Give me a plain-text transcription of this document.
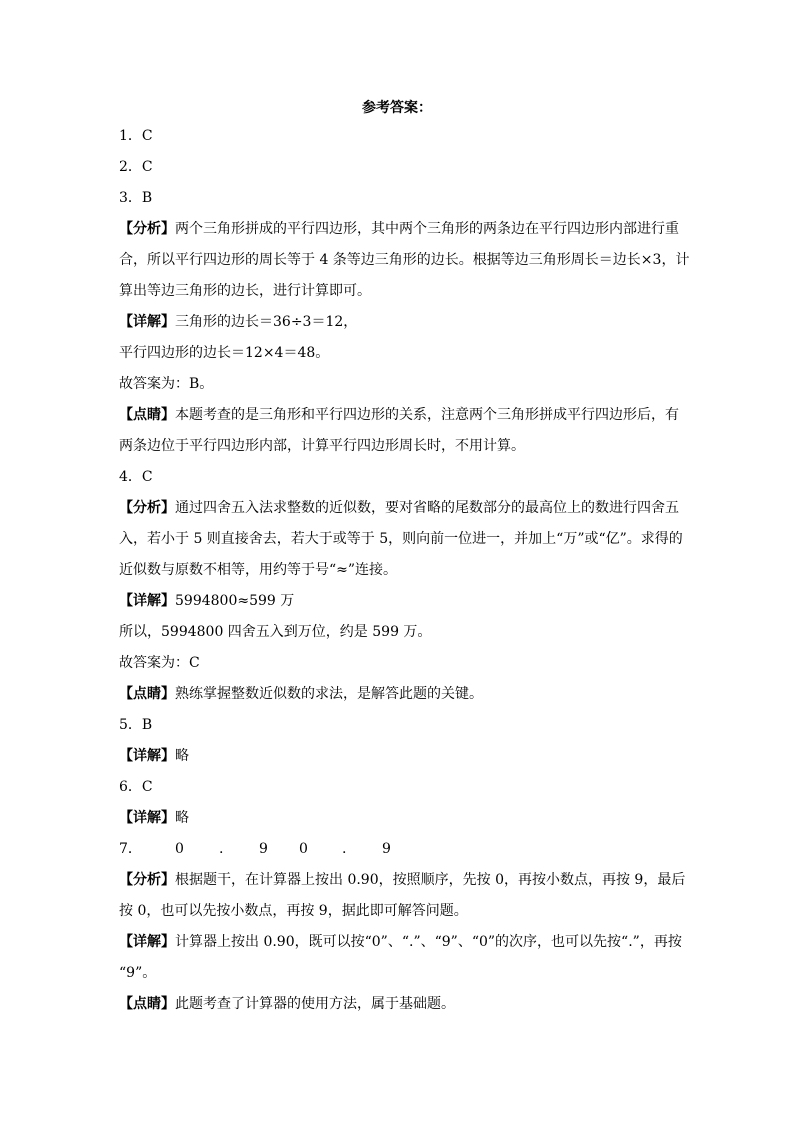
参考答案：
1．C
2．C
3．B
【分析】两个三角形拼成的平行四边形，其中两个三角形的两条边在平行四边形内部进行重
合，所以平行四边形的周长等于 4 条等边三角形的边长。根据等边三角形周长＝边长×3，计
算出等边三角形的边长，进行计算即可。
【详解】三角形的边长＝36÷3＝12，
平行四边形的边长＝12×4＝48。
故答案为：B。
【点睛】本题考查的是三角形和平行四边形的关系，注意两个三角形拼成平行四边形后，有
两条边位于平行四边形内部，计算平行四边形周长时，不用计算。
4．C
【分析】通过四舍五入法求整数的近似数，要对省略的尾数部分的最高位上的数进行四舍五
入，若小于 5 则直接舍去，若大于或等于 5，则向前一位进一，并加上“万”或“亿”。求得的
近似数与原数不相等，用约等于号“≈”连接。
【详解】5994800≈599 万
所以，5994800 四舍五入到万位，约是 599 万。
故答案为：C
【点睛】熟练掌握整数近似数的求法，是解答此题的关键。
5．B
【详解】略
6．C
【详解】略
7． 0	.	9 0 .	9
【分析】根据题干，在计算器上按出 0.90，按照顺序，先按 0，再按小数点，再按 9，最后
按 0，也可以先按小数点，再按 9，据此即可解答问题。
【详解】计算器上按出 0.90，既可以按“0”、“.”、“9”、“0”的次序，也可以先按“.”，再按
“9”。
【点睛】此题考查了计算器的使用方法，属于基础题。
